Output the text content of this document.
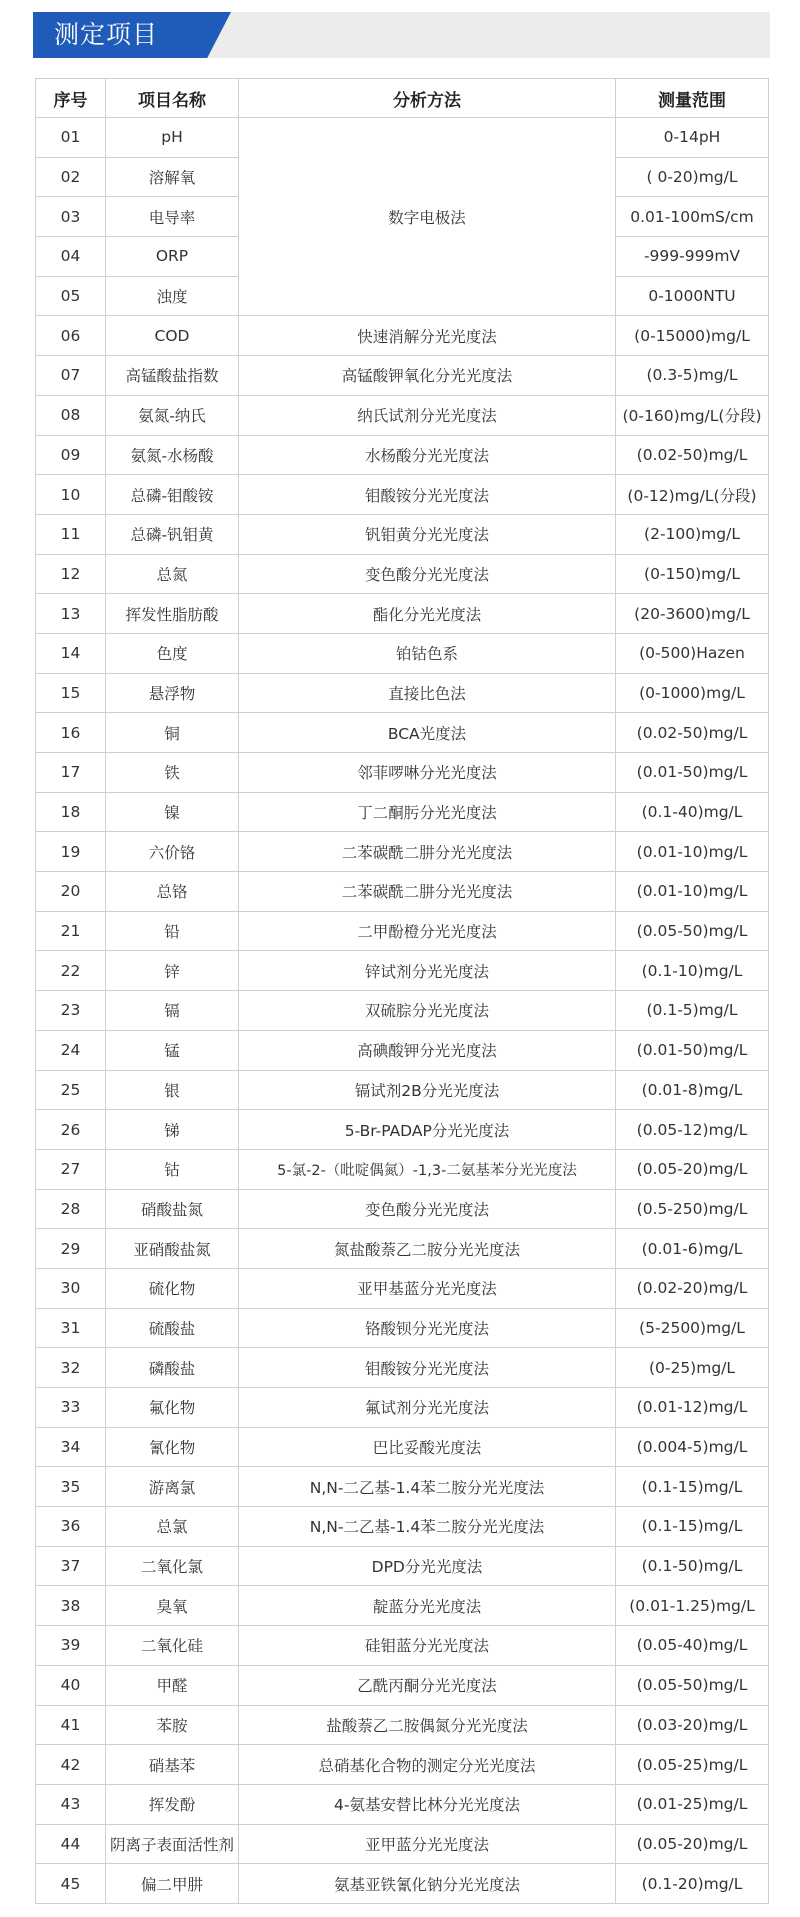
测定项目
序号	项目名称	分析方法	测量范围
01	pH	数字电极法	0-14pH
02	溶解氧		( 0-20)mg/L
03	电导率		0.01-100mS/cm
04	ORP		-999-999mV
05	浊度		0-1000NTU
06	COD	快速消解分光光度法	(0-15000)mg/L
07	高锰酸盐指数	高锰酸钾氧化分光光度法	(0.3-5)mg/L
08	氨氮-纳氏	纳氏试剂分光光度法	(0-160)mg/L(分段)
09	氨氮-水杨酸	水杨酸分光光度法	(0.02-50)mg/L
10	总磷-钼酸铵	钼酸铵分光光度法	(0-12)mg/L(分段)
11	总磷-钒钼黄	钒钼黄分光光度法	(2-100)mg/L
12	总氮	变色酸分光光度法	(0-150)mg/L
13	挥发性脂肪酸	酯化分光光度法	(20-3600)mg/L
14	色度	铂钴色系	(0-500)Hazen
15	悬浮物	直接比色法	(0-1000)mg/L
16	铜	BCA光度法	(0.02-50)mg/L
17	铁	邻菲啰啉分光光度法	(0.01-50)mg/L
18	镍	丁二酮肟分光光度法	(0.1-40)mg/L
19	六价铬	二苯碳酰二肼分光光度法	(0.01-10)mg/L
20	总铬	二苯碳酰二肼分光光度法	(0.01-10)mg/L
21	铅	二甲酚橙分光光度法	(0.05-50)mg/L
22	锌	锌试剂分光光度法	(0.1-10)mg/L
23	镉	双硫腙分光光度法	(0.1-5)mg/L
24	锰	高碘酸钾分光光度法	(0.01-50)mg/L
25	银	镉试剂2B分光光度法	(0.01-8)mg/L
26	锑	5-Br-PADAP分光光度法	(0.05-12)mg/L
27	钴	5-氯-2-（吡啶偶氮）-1,3-二氨基苯分光光度法	(0.05-20)mg/L
28	硝酸盐氮	变色酸分光光度法	(0.5-250)mg/L
29	亚硝酸盐氮	氮盐酸萘乙二胺分光光度法	(0.01-6)mg/L
30	硫化物	亚甲基蓝分光光度法	(0.02-20)mg/L
31	硫酸盐	铬酸钡分光光度法	(5-2500)mg/L
32	磷酸盐	钼酸铵分光光度法	(0-25)mg/L
33	氟化物	氟试剂分光光度法	(0.01-12)mg/L
34	氰化物	巴比妥酸光度法	(0.004-5)mg/L
35	游离氯	N,N-二乙基-1.4苯二胺分光光度法	(0.1-15)mg/L
36	总氯	N,N-二乙基-1.4苯二胺分光光度法	(0.1-15)mg/L
37	二氧化氯	DPD分光光度法	(0.1-50)mg/L
38	臭氧	靛蓝分光光度法	(0.01-1.25)mg/L
39	二氧化硅	硅钼蓝分光光度法	(0.05-40)mg/L
40	甲醛	乙酰丙酮分光光度法	(0.05-50)mg/L
41	苯胺	盐酸萘乙二胺偶氮分光光度法	(0.03-20)mg/L
42	硝基苯	总硝基化合物的测定分光光度法	(0.05-25)mg/L
43	挥发酚	4-氨基安替比林分光光度法	(0.01-25)mg/L
44	阴离子表面活性剂	亚甲蓝分光光度法	(0.05-20)mg/L
45	偏二甲肼	氨基亚铁氰化钠分光光度法	(0.1-20)mg/L
